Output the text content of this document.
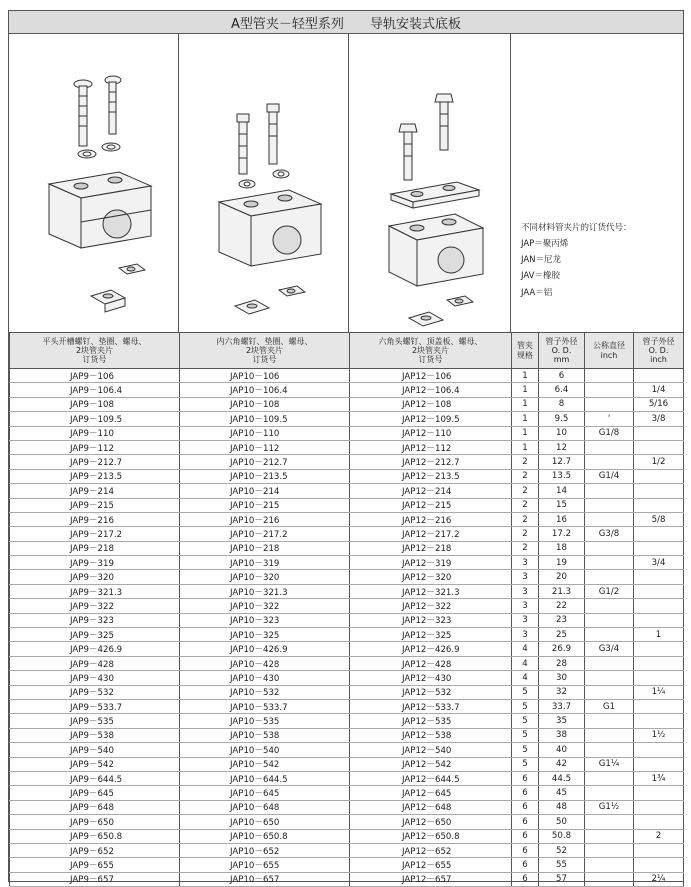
A型管夹－轻型系列 导轨安装式底板
不同材料管夹片的订货代号：
JAP＝聚丙烯
JAN＝尼龙
JAV＝橡胶
JAA＝铝
平头开槽螺钉、垫圈、螺母、
2块管夹片
订货号	内六角螺钉、垫圈、螺母、
2块管夹片
订货号	六角头螺钉、顶盖板、螺母、
2块管夹片
订货号	管夹
规格	管子外径
O. D.
mm	公称直径
inch	管子外径
O. D.
inch

JAP9－106	JAP10－106	JAP12－106	1	6		
JAP9－106.4	JAP10－106.4	JAP12－106.4	1	6.4		1/4
JAP9－108	JAP10－108	JAP12－108	1	8		5/16
JAP9－109.5	JAP10－109.5	JAP12－109.5	1	9.5	'	3/8
JAP9－110	JAP10－110	JAP12－110	1	10	G1/8	
JAP9－112	JAP10－112	JAP12－112	1	12		
JAP9－212.7	JAP10－212.7	JAP12－212.7	2	12.7		1/2
JAP9－213.5	JAP10－213.5	JAP12－213.5	2	13.5	G1/4	
JAP9－214	JAP10－214	JAP12－214	2	14		
JAP9－215	JAP10－215	JAP12－215	2	15		
JAP9－216	JAP10－216	JAP12－216	2	16		5/8
JAP9－217.2	JAP10－217.2	JAP12－217.2	2	17.2	G3/8	
JAP9－218	JAP10－218	JAP12－218	2	18		
JAP9－319	JAP10－319	JAP12－319	3	19		3/4
JAP9－320	JAP10－320	JAP12－320	3	20		
JAP9－321.3	JAP10－321.3	JAP12－321.3	3	21.3	G1/2	
JAP9－322	JAP10－322	JAP12－322	3	22		
JAP9－323	JAP10－323	JAP12－323	3	23		
JAP9－325	JAP10－325	JAP12－325	3	25		1
JAP9－426.9	JAP10－426.9	JAP12－426.9	4	26.9	G3/4	
JAP9－428	JAP10－428	JAP12－428	4	28		
JAP9－430	JAP10－430	JAP12－430	4	30		
JAP9－532	JAP10－532	JAP12－532	5	32		1¼
JAP9－533.7	JAP10－533.7	JAP12－533.7	5	33.7	G1	
JAP9－535	JAP10－535	JAP12－535	5	35		
JAP9－538	JAP10－538	JAP12－538	5	38		1½
JAP9－540	JAP10－540	JAP12－540	5	40		
JAP9－542	JAP10－542	JAP12－542	5	42	G1¼	
JAP9－644.5	JAP10－644.5	JAP12－644.5	6	44.5		1¾
JAP9－645	JAP10－645	JAP12－645	6	45		
JAP9－648	JAP10－648	JAP12－648	6	48	G1½	
JAP9－650	JAP10－650	JAP12－650	6	50		
JAP9－650.8	JAP10－650.8	JAP12－650.8	6	50.8		2
JAP9－652	JAP10－652	JAP12－652	6	52		
JAP9－655	JAP10－655	JAP12－655	6	55		
JAP9－657	JAP10－657	JAP12－657	6	57		2¼
